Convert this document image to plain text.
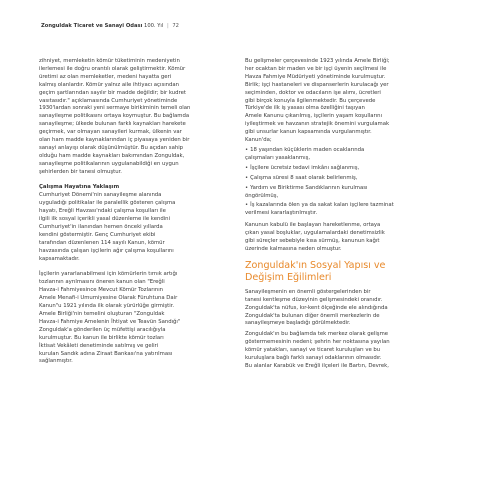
Zonguldak Ticaret ve Sanayi Odası 100. Yıl | 72
zihniyet, memleketin kömür tüketiminin medeniyetin
ilerlemesi ile doğru orantılı olarak geliştirmektir. Kömür
üretimi az olan memleketler, medeni hayatta geri
kalmış olanlardır. Kömür yalnız aile ihtiyacı açısından
geçim şartlarından sayılır bir madde değildir; bir kudret
vasıtasıdır." açıklamasında Cumhuriyet yönetiminde
1930'lardan sonraki yeni sermaye birikiminin temeli olan
sanayileşme politikasını ortaya koymuştur. Bu bağlamda
sanayileşme; ülkede bulunan farklı kaynakları harekete
geçirmek, var olmayan sanayileri kurmak, ülkenin var
olan ham madde kaynaklarından iç piyasaya yeniden bir
sanayi anlayışı olarak düşünülmüştür. Bu açıdan sahip
olduğu ham madde kaynakları bakımından Zonguldak,
sanayileşme politikalarının uygulanabildiği en uygun
şehirlerden bir tanesi olmuştur.
Çalışma Hayatına Yaklaşım
Cumhuriyet Dönemi'nin sanayileşme alanında
uyguladığı politikalar ile paralellik gösteren çalışma
hayatı, Ereğli Havzası'ndaki çalışma koşulları ile
ilgili ilk sosyal içerikli yasal düzenleme ile kendini
Cumhuriyet'in ilanından hemen önceki yıllarda
kendini göstermiştir. Genç Cumhuriyet ekibi
tarafından düzenlenen 114 sayılı Kanun, kömür
havzasında çalışan işçilerin ağır çalışma koşullarını
kapsamaktadır.
İşçilerin yararlanabilmesi için kömürlerin tırnık artığı
tozlarının ayrılmasını öneren kanun olan "Ereğli
Havza-i Fahmiyesince Mevcut Kömür Tozlarının
Amele Menafi-i Umumiyesine Olarak Füruhtuna Dair
Kanun"u 1921 yılında ilk olarak yürürlüğe girmiştir.
Amele Birliği'nin temelini oluşturan "Zonguldak
Havza-i Fahmiye Amelenin İhtiyat ve Teavün Sandığı"
Zonguldak'a gönderilen üç müfettişi aracılığıyla
kurulmuştur. Bu kanun ile birlikte kömür tozları
İktisat Vekâleti denetiminde satılmış ve geliri
kurulan Sandık adına Ziraat Bankası'na yatırılması
sağlanmıştır.
Bu gelişmeler çerçevesinde 1923 yılında Amele Birliği;
her ocaktan bir maden ve bir işçi üyenin seçilmesi ile
Havza Fahmiye Müdüriyeti yönetiminde kurulmuştur.
Birlik; işçi hastaneleri ve dispanserlerin kurulacağı yer
seçiminden, doktor ve odacıların işe alımı, ücretleri
gibi birçok konuyla ilgilenmektedir. Bu çerçevede
Türkiye'de ilk iş yasası olma özelliğini taşıyan
Amele Kanunu çıkarılmış, işçilerin yaşam koşullarını
iyileştirmek ve havzanın stratejik önemini vurgulamak
gibi unsurlar kanun kapsamında vurgulanmıştır.
Kanun'da;
• 18 yaşından küçüklerin maden ocaklarında
çalışmaları yasaklanmış,
• İşçilere ücretsiz tedavi imkânı sağlanmış,
• Çalışma süresi 8 saat olarak belirlenmiş,
• Yardım ve Biriktirme Sandıklarının kurulması
öngörülmüş,
• İş kazalarında ölen ya da sakat kalan işçilere tazminat
verilmesi kararlaştırılmıştır.
Kanunun kabulü ile başlayan hareketlenme, ortaya
çıkan yasal boşluklar, uygulamalardaki denetimsizlik
gibi süreçler sebebiyle kısa sürmüş, kanunun kağıt
üzerinde kalmasına neden olmuştur.
Zonguldak'ın Sosyal Yapısı ve
Değişim Eğilimleri
Sanayileşmenin en önemli göstergelerinden bir
tanesi kentleşme düzeyinin gelişmesindeki oranıdır.
Zonguldak'ta nüfus, kır-kent ölçeğinde ele alındığında
Zonguldak'ta bulunan diğer önemli merkezlerin de
sanayileşmeye başladığı görülmektedir.
Zonguldak'ın bu bağlamda tek merkez olarak gelişme
göstermemesinin nedeni; şehrin her noktasına yayılan
kömür yatakları, sanayi ve ticaret kuruluşları ve bu
kuruluşlara bağlı farklı sanayi odaklarının olmasıdır.
Bu alanlar Karabük ve Ereğli ilçeleri ile Bartın, Devrek,
